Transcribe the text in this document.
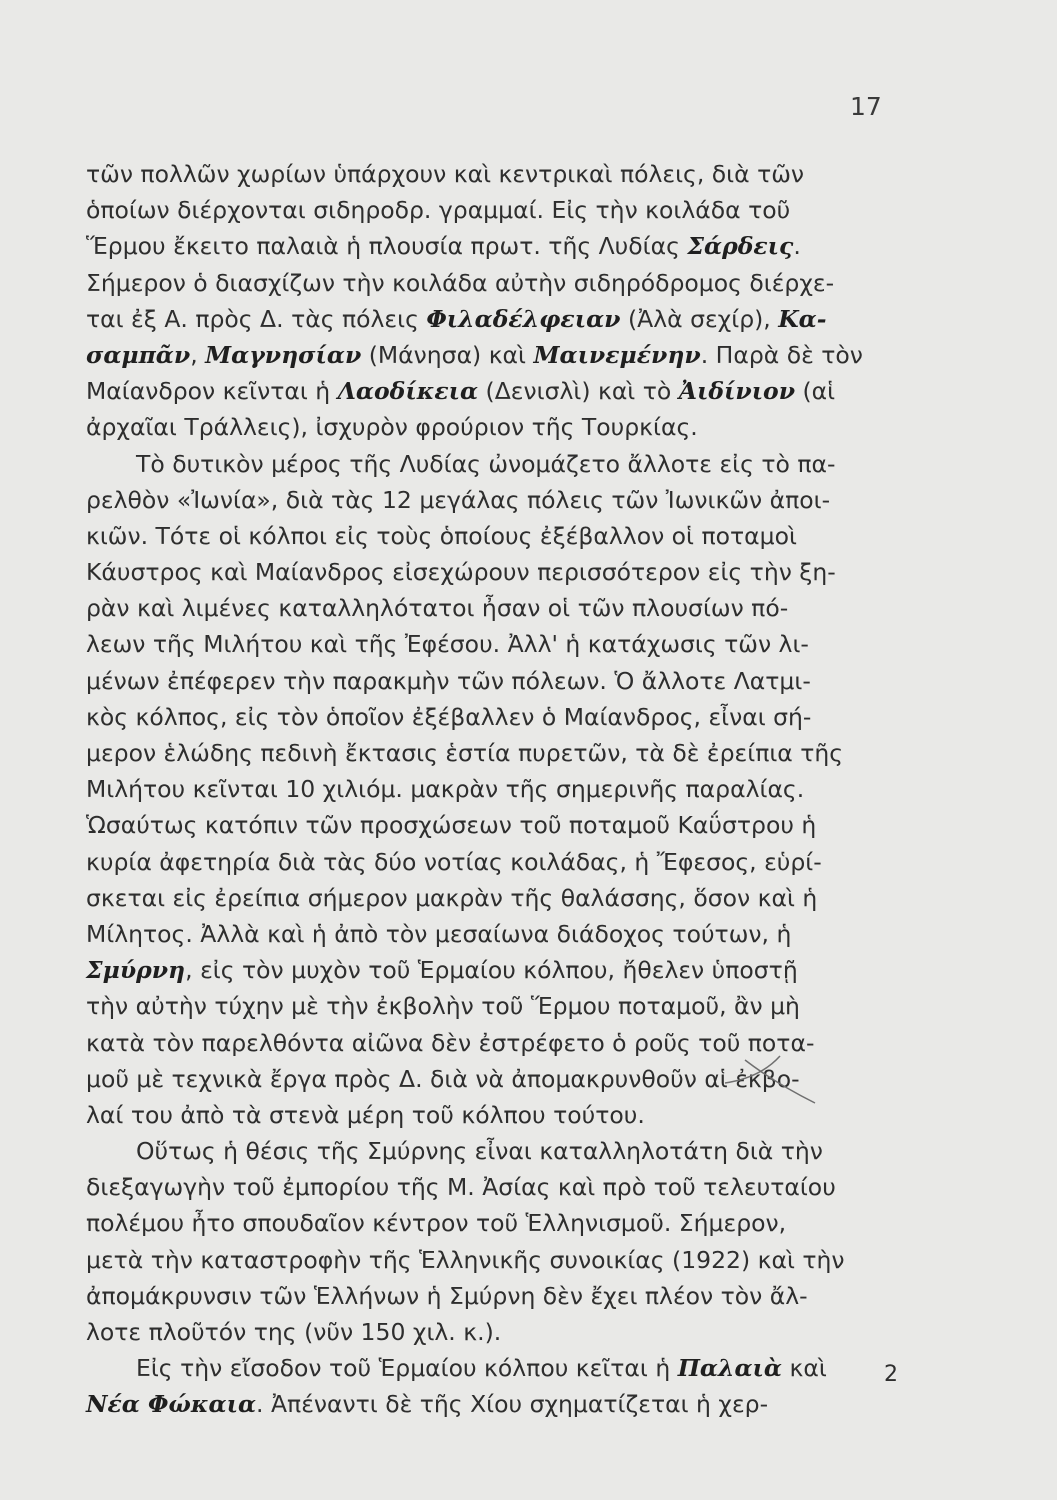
17
τῶν πολλῶν χωρίων ὑπάρχουν καὶ κεντρικαὶ πόλεις, διὰ τῶν
ὁποίων διέρχονται σιδηροδρ. γραμμαί. Εἰς τὴν κοιλάδα τοῦ
Ἕρμου ἔκειτο παλαιὰ ἡ πλουσία πρωτ. τῆς Λυδίας Σάρδεις.
Σήμερον ὁ διασχίζων τὴν κοιλάδα αὐτὴν σιδηρόδρομος διέρχε-
ται ἐξ Α. πρὸς Δ. τὰς πόλεις Φιλαδέλφειαν (Ἀλὰ σεχίρ), Κα-
σαμπᾶν, Μαγνησίαν (Μάνησα) καὶ Μαινεμένην. Παρὰ δὲ τὸν
Μαίανδρον κεῖνται ἡ Λαοδίκεια (Δενισλὶ) καὶ τὸ Ἀιδίνιον (αἱ
ἀρχαῖαι Τράλλεις), ἰσχυρὸν φρούριον τῆς Τουρκίας.
Τὸ δυτικὸν μέρος τῆς Λυδίας ὠνομάζετο ἄλλοτε εἰς τὸ πα-
ρελθὸν «Ἰωνία», διὰ τὰς 12 μεγάλας πόλεις τῶν Ἰωνικῶν ἀποι-
κιῶν. Τότε οἱ κόλποι εἰς τοὺς ὁποίους ἐξέβαλλον οἱ ποταμοὶ
Κάυστρος καὶ Μαίανδρος εἰσεχώρουν περισσότερον εἰς τὴν ξη-
ρὰν καὶ λιμένες καταλληλότατοι ἦσαν οἱ τῶν πλουσίων πό-
λεων τῆς Μιλήτου καὶ τῆς Ἐφέσου. Ἀλλ' ἡ κατάχωσις τῶν λι-
μένων ἐπέφερεν τὴν παρακμὴν τῶν πόλεων. Ὁ ἄλλοτε Λατμι-
κὸς κόλπος, εἰς τὸν ὁποῖον ἐξέβαλλεν ὁ Μαίανδρος, εἶναι σή-
μερον ἑλώδης πεδινὴ ἔκτασις ἑστία πυρετῶν, τὰ δὲ ἐρείπια τῆς
Μιλήτου κεῖνται 10 χιλιόμ. μακρὰν τῆς σημερινῆς παραλίας.
Ὡσαύτως κατόπιν τῶν προσχώσεων τοῦ ποταμοῦ Καΰστρου ἡ
κυρία ἀφετηρία διὰ τὰς δύο νοτίας κοιλάδας, ἡ Ἔφεσος, εὑρί-
σκεται εἰς ἐρείπια σήμερον μακρὰν τῆς θαλάσσης, ὅσον καὶ ἡ
Μίλητος. Ἀλλὰ καὶ ἡ ἀπὸ τὸν μεσαίωνα διάδοχος τούτων, ἡ
Σμύρνη, εἰς τὸν μυχὸν τοῦ Ἑρμαίου κόλπου, ἤθελεν ὑποστῇ
τὴν αὐτὴν τύχην μὲ τὴν ἐκβολὴν τοῦ Ἕρμου ποταμοῦ, ἂν μὴ
κατὰ τὸν παρελθόντα αἰῶνα δὲν ἐστρέφετο ὁ ροῦς τοῦ ποτα-
μοῦ μὲ τεχνικὰ ἔργα πρὸς Δ. διὰ νὰ ἀπομακρυνθοῦν αἱ ἐκβο-
λαί του ἀπὸ τὰ στενὰ μέρη τοῦ κόλπου τούτου.
Οὕτως ἡ θέσις τῆς Σμύρνης εἶναι καταλληλοτάτη διὰ τὴν
διεξαγωγὴν τοῦ ἐμπορίου τῆς Μ. Ἀσίας καὶ πρὸ τοῦ τελευταίου
πολέμου ἦτο σπουδαῖον κέντρον τοῦ Ἑλληνισμοῦ. Σήμερον,
μετὰ τὴν καταστροφὴν τῆς Ἑλληνικῆς συνοικίας (1922) καὶ τὴν
ἀπομάκρυνσιν τῶν Ἑλλήνων ἡ Σμύρνη δὲν ἔχει πλέον τὸν ἄλ-
λοτε πλοῦτόν της (νῦν 150 χιλ. κ.).
Εἰς τὴν εἴσοδον τοῦ Ἑρμαίου κόλπου κεῖται ἡ Παλαιὰ καὶ
Νέα Φώκαια. Ἀπέναντι δὲ τῆς Χίου σχηματίζεται ἡ χερ-
2
